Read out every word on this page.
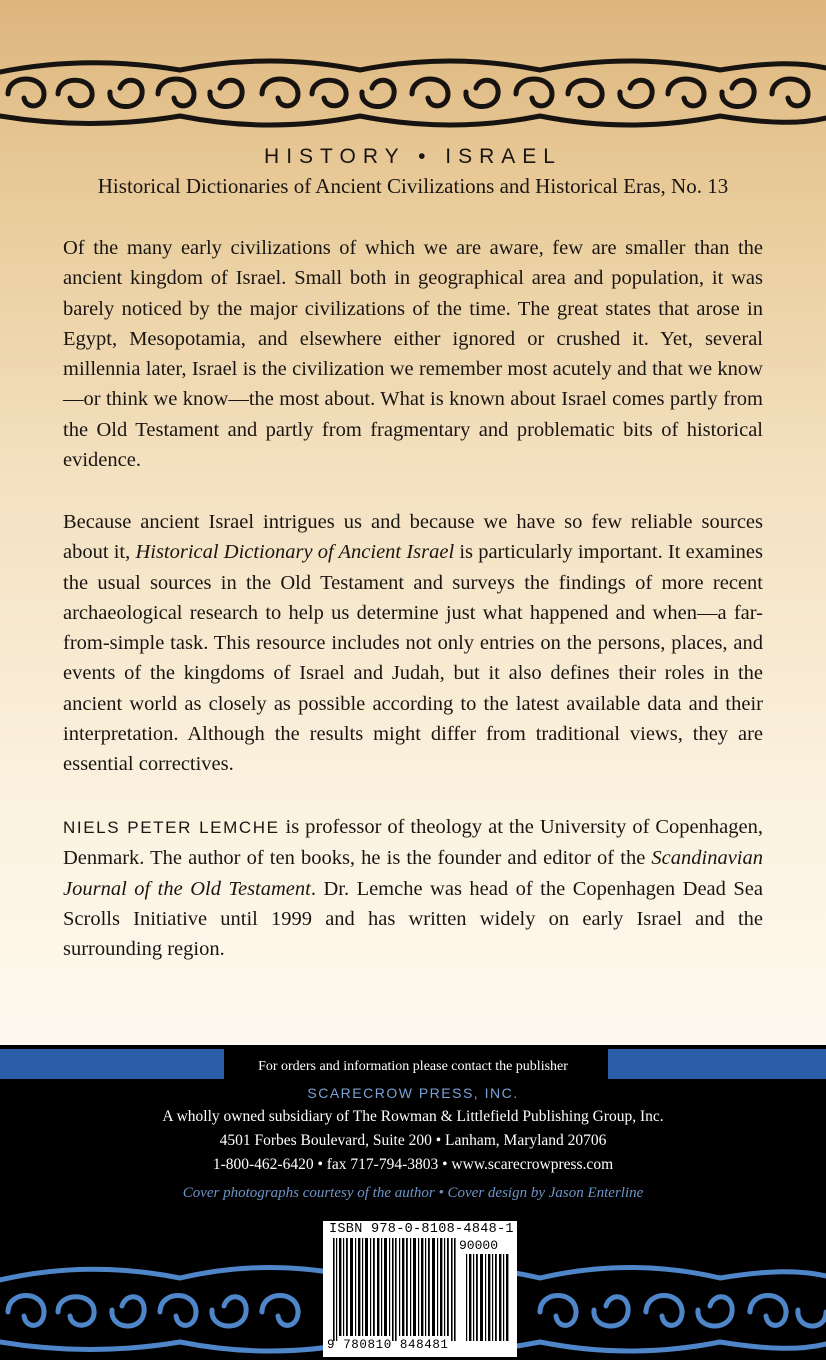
HISTORY • ISRAEL

Historical Dictionaries of Ancient Civilizations and Historical Eras, No. 13

Of the many early civilizations of which we are aware, few are smaller than the ancient kingdom of Israel. Small both in geographical area and population, it was barely noticed by the major civilizations of the time. The great states that arose in Egypt, Mesopotamia, and elsewhere either ignored or crushed it. Yet, several millennia later, Israel is the civilization we remember most acutely and that we know—or think we know—the most about. What is known about Israel comes partly from the Old Testament and partly from fragmentary and problematic bits of historical evidence.

Because ancient Israel intrigues us and because we have so few reliable sources about it, Historical Dictionary of Ancient Israel is particularly important. It examines the usual sources in the Old Testament and surveys the findings of more recent archaeological research to help us determine just what happened and when—a far-from-simple task. This resource includes not only entries on the persons, places, and events of the kingdoms of Israel and Judah, but it also defines their roles in the ancient world as closely as possible according to the latest available data and their interpretation. Although the results might differ from traditional views, they are essential correctives.

NIELS PETER LEMCHE is professor of theology at the University of Copenhagen, Denmark. The author of ten books, he is the founder and editor of the Scandinavian Journal of the Old Testament. Dr. Lemche was head of the Copenhagen Dead Sea Scrolls Initiative until 1999 and has written widely on early Israel and the surrounding region.

For orders and information please contact the publisher

SCARECROW PRESS, INC.

A wholly owned subsidiary of The Rowman & Littlefield Publishing Group, Inc.

4501 Forbes Boulevard, Suite 200 • Lanham, Maryland 20706

1-800-462-6420 • fax 717-794-3803 • www.scarecrowpress.com

Cover photographs courtesy of the author • Cover design by Jason Enterline

ISBN 978-0-8108-4848-1

90000

9 780810 848481
